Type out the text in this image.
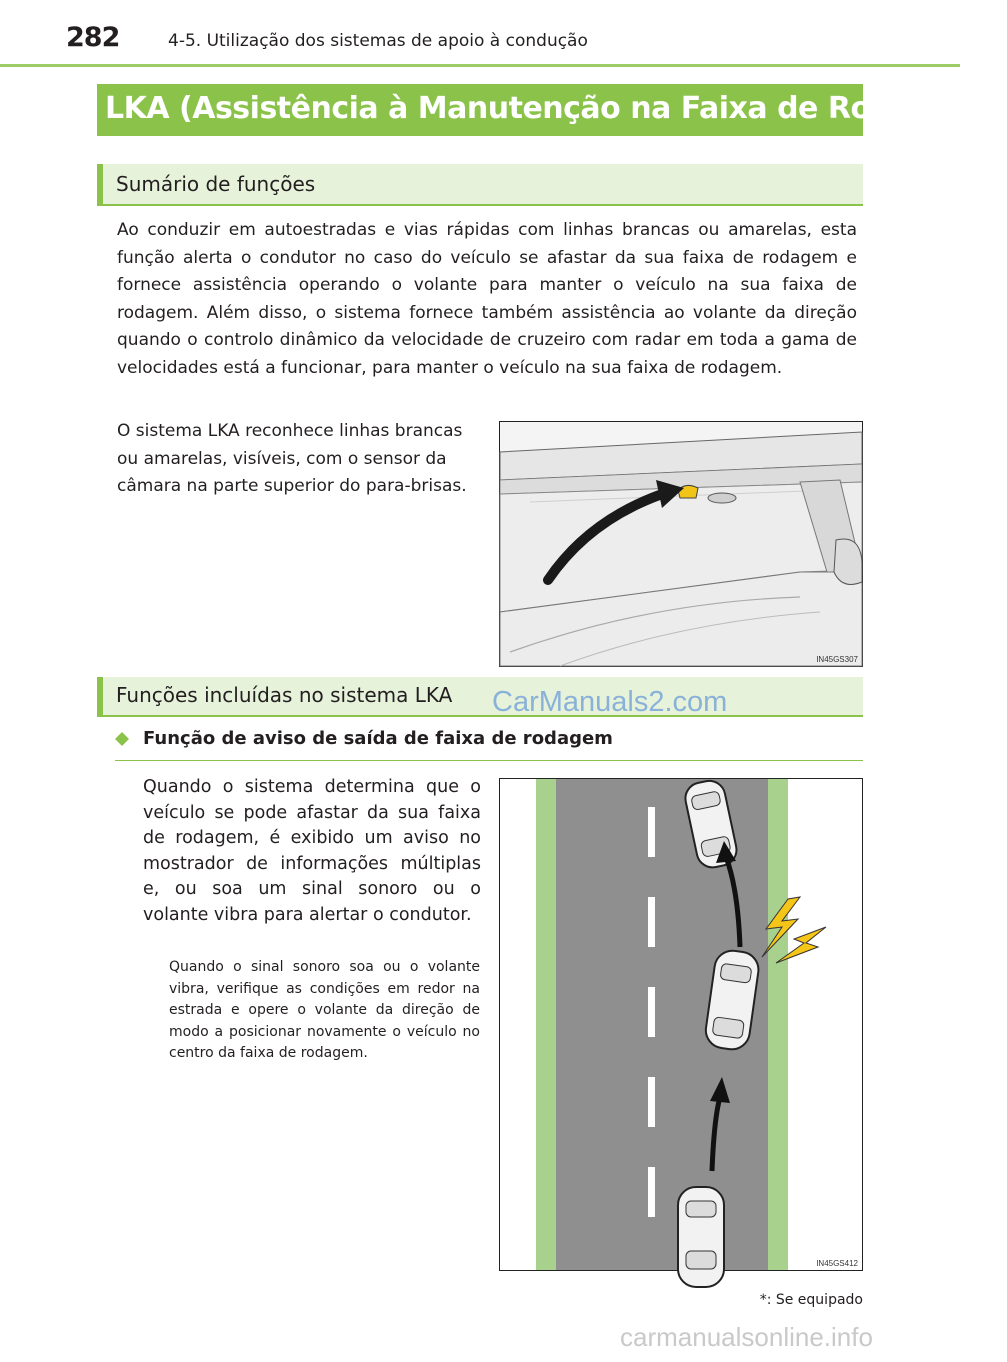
282	4-5. Utilização dos sistemas de apoio à condução
LKA (Assistência à Manutenção na Faixa de Rodagem) *
Sumário de funções
Ao conduzir em autoestradas e vias rápidas com linhas brancas ou amarelas, esta função alerta o condutor no caso do veículo se afastar da sua faixa de rodagem e fornece assistência operando o volante para manter o veículo na sua faixa de rodagem. Além disso, o sistema fornece também assistência ao volante da direção quando o controlo dinâmico da velocidade de cruzeiro com radar em toda a gama de velocidades está a funcionar, para manter o veículo na sua faixa de rodagem.
O sistema LKA reconhece linhas brancas ou amarelas, visíveis, com o sensor da câmara na parte superior do para-brisas.
IN45GS307
Funções incluídas no sistema LKA CarManuals2.com
Função de aviso de saída de faixa de rodagem
Quando o sistema determina que o veículo se pode afastar da sua faixa de rodagem, é exibido um aviso no mostrador de informações múltiplas e, ou soa um sinal sonoro ou o volante vibra para alertar o condutor.
Quando o sinal sonoro soa ou o volante vibra, verifique as condições em redor na estrada e opere o volante da direção de modo a posicionar novamente o veículo no centro da faixa de rodagem.
IN45GS412
*: Se equipado
carmanualsonline.info
